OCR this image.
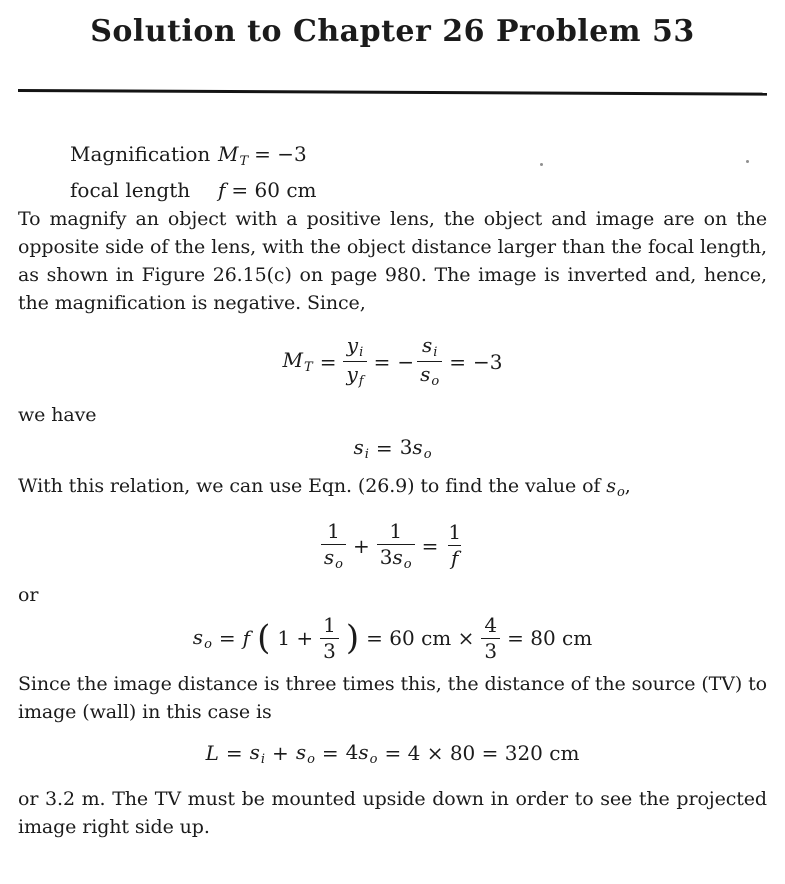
Solution to Chapter 26 Problem 53
Magnification $M_T = -3$
focal length	f = 60 cm

To magnify an object with a positive lens, the object and image are on the opposite side of the lens, with the object distance larger than the focal length, as shown in Figure 26.15(c) on page 980. The image is inverted and, hence, the magnification is negative. Since,

$M_T = \frac{y_i}{y_f}$ = − $\frac{s_i}{s_o} = -3$

we have

$s_i = 3s_o$

With this relation, we can use Eqn. (26.9) to find the value of $s_o$,

$\frac{1}{s_o} + \frac{1}{3s_o} = \frac{1}{f}$

or

$s_o = f$ ( $1 + \frac{1}{3}$ ) = 60 cm × $\frac{4}{3} = 80$ cm

Since the image distance is three times this, the distance of the source (TV) to image (wall) in this case is

$L = s_i + s_o = 4s_o = 4 \times 80 = 320$ cm

or 3.2 m. The TV must be mounted upside down in order to see the projected image right side up.
